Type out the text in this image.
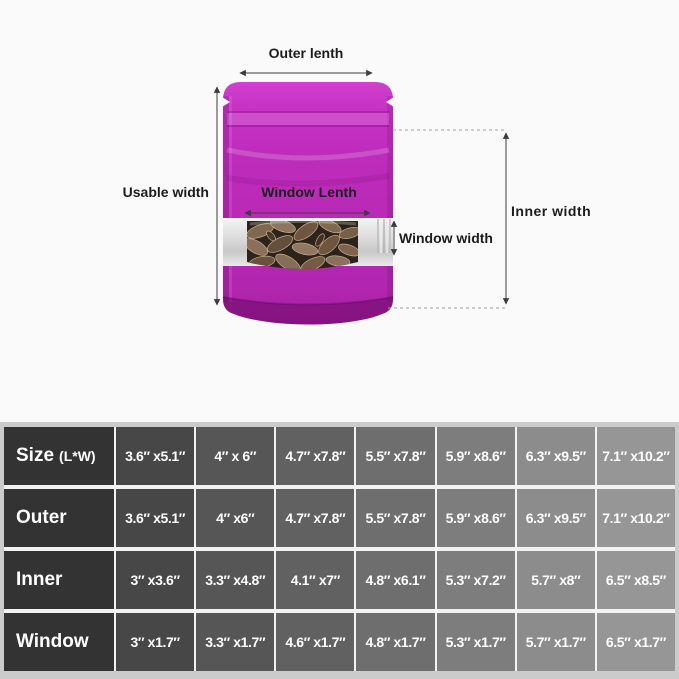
Outer lenth
Usable width	Window Lenth
Window width
Inner width
Size (L*W)	3.6″ x5.1″	4″ x 6″	4.7″ x7.8″	5.5″ x7.8″	5.9″ x8.6″	6.3″ x9.5″	7.1″ x10.2″
Outer	3.6″ x5.1″	4″ x6″	4.7″ x7.8″	5.5″ x7.8″	5.9″ x8.6″	6.3″ x9.5″	7.1″ x10.2″
Inner	3″ x3.6″	3.3″ x4.8″	4.1″ x7″	4.8″ x6.1″	5.3″ x7.2″	5.7″ x8″	6.5″ x8.5″
Window	3″ x1.7″	3.3″ x1.7″	4.6″ x1.7″	4.8″ x1.7″	5.3″ x1.7″	5.7″ x1.7″	6.5″ x1.7″
